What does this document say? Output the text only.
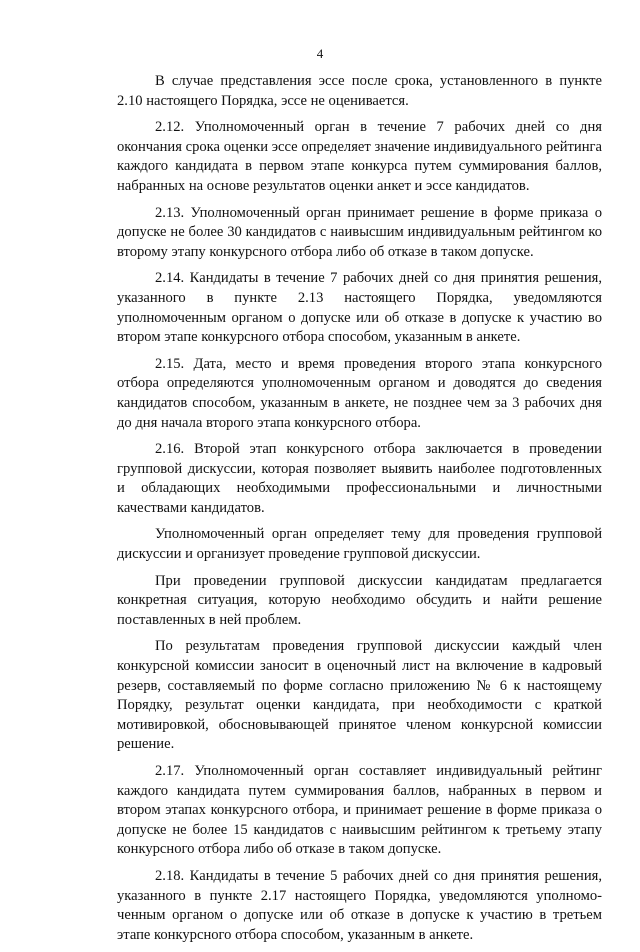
4

В случае представления эссе после срока, установленного в пункте 2.10 настоящего Порядка, эссе не оценивается.

2.12. Уполномоченный орган в течение 7 рабочих дней со дня окончания срока оценки эссе определяет значение индивидуального рейтинга каждого кандидата в первом этапе конкурса путем суммирования баллов, набранных на основе результатов оценки анкет и эссе кандидатов.

2.13. Уполномоченный орган принимает решение в форме приказа о допуске не более 30 кандидатов с наивысшим индивидуальным рейтингом ко второму этапу конкурсного отбора либо об отказе в таком допуске.

2.14. Кандидаты в течение 7 рабочих дней со дня принятия решения, указанного в пункте 2.13 настоящего Порядка, уведомляются уполномоченным органом о допуске или об отказе в допуске к участию во втором этапе конкурсного отбора способом, указанным в анкете.

2.15. Дата, место и время проведения второго этапа конкурсного отбора определяются уполномоченным органом и доводятся до сведения кандидатов способом, указанным в анкете, не позднее чем за 3 рабочих дня до дня начала второго этапа конкурсного отбора.

2.16. Второй этап конкурсного отбора заключается в проведении групповой дискуссии, которая позволяет выявить наиболее подготовленных и обладающих необходимыми профессиональными и личностными качествами кандидатов.

Уполномоченный орган определяет тему для проведения групповой дискуссии и организует проведение групповой дискуссии.

При проведении групповой дискуссии кандидатам предлагается конкретная ситуация, которую необходимо обсудить и найти решение поставленных в ней проблем.

По результатам проведения групповой дискуссии каждый член конкурсной комиссии заносит в оценочный лист на включение в кадровый резерв, составляемый по форме согласно приложению № 6 к настоящему Порядку, результат оценки кандидата, при необходимости с краткой мотивировкой, обосновывающей принятое членом конкурсной комиссии решение.

2.17. Уполномоченный орган составляет индивидуальный рейтинг каждого кандидата путем суммирования баллов, набранных в первом и втором этапах конкурсного отбора, и принимает решение в форме приказа о допуске не более 15 кандидатов с наивысшим рейтингом к третьему этапу конкурсного отбора либо об отказе в таком допуске.

2.18. Кандидаты в течение 5 рабочих дней со дня принятия решения, указанного в пункте 2.17 настоящего Порядка, уведомляются уполномоченным органом о допуске или об отказе в допуске к участию в третьем этапе конкурсного отбора способом, указанным в анкете.
